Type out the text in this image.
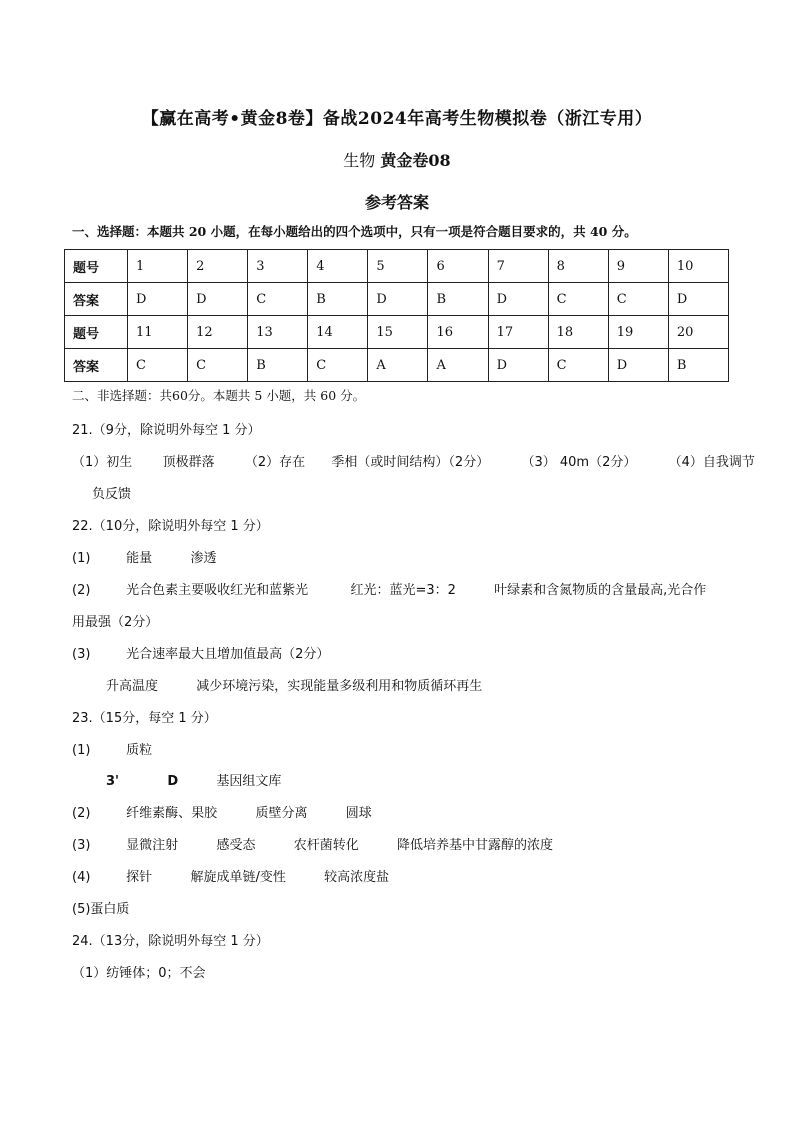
【赢在高考•黄金8卷】备战2024年高考生物模拟卷（浙江专用）
生物 黄金卷08
参考答案
一、选择题：本题共 20 小题，在每小题给出的四个选项中，只有一项是符合题目要求的，共 40 分。
题号	1	2	3	4	5	6	7	8	9	10
答案	D	D	C	B	D	B	D	C	C	D
题号	11	12	13	14	15	16	17	18	19	20
答案	C	C	B	C	A	A	D	C	D	B
二、非选择题：共60分。本题共 5 小题，共 60 分。
21.（9分，除说明外每空 1 分）
（1）初生 顶极群落 （2）存在 季相（或时间结构）（2分） （3） 40m（2分） （4）自我调节
负反馈
22.（10分，除说明外每空 1 分）
(1)	能量	渗透
(2)	光合色素主要吸收红光和蓝紫光	红光：蓝光=3：2	叶绿素和含氮物质的含量最高,光合作
用最强（2分）
(3)	光合速率最大且增加值最高（2分）
升高温度	减少环境污染，实现能量多级利用和物质循环再生
23.（15分，每空 1 分）
(1)	质粒
3'	D	基因组文库
(2)	纤维素酶、果胶	质壁分离	圆球
(3)	显微注射	感受态	农杆菌转化	降低培养基中甘露醇的浓度
(4)	探针	解旋成单链/变性	较高浓度盐
(5)蛋白质
24.（13分，除说明外每空 1 分）
（1）纺锤体；0；不会
